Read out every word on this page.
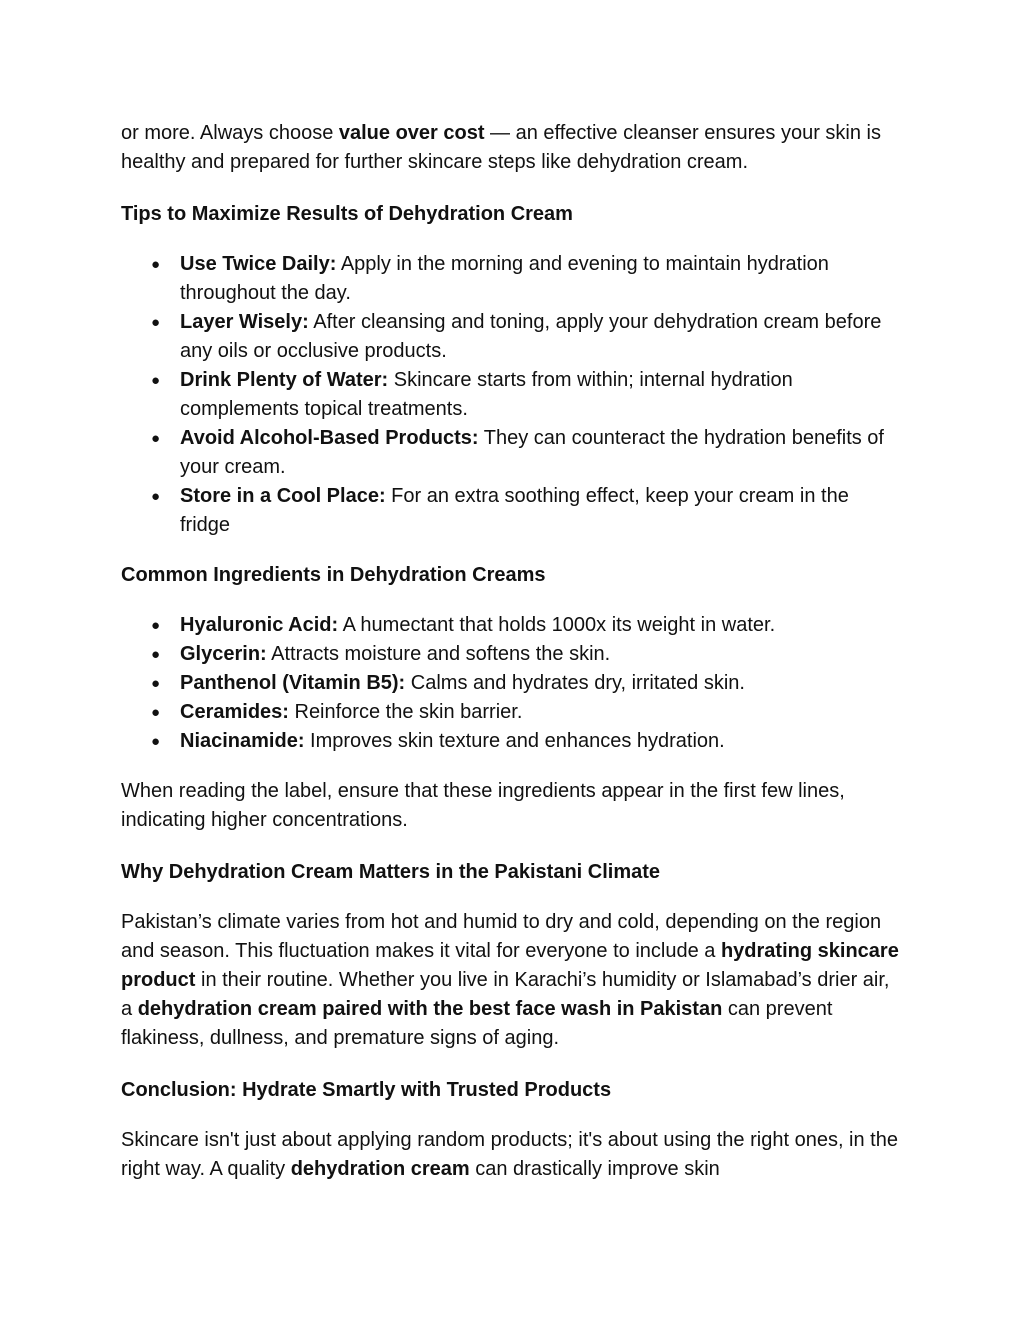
or more. Always choose value over cost — an effective cleanser ensures your skin is healthy and prepared for further skincare steps like dehydration cream.

Tips to Maximize Results of Dehydration Cream
● Use Twice Daily: Apply in the morning and evening to maintain hydration throughout the day.
● Layer Wisely: After cleansing and toning, apply your dehydration cream before any oils or occlusive products.
● Drink Plenty of Water: Skincare starts from within; internal hydration complements topical treatments.
● Avoid Alcohol-Based Products: They can counteract the hydration benefits of your cream.
● Store in a Cool Place: For an extra soothing effect, keep your cream in the fridge
Common Ingredients in Dehydration Creams
● Hyaluronic Acid: A humectant that holds 1000x its weight in water.
● Glycerin: Attracts moisture and softens the skin.
● Panthenol (Vitamin B5): Calms and hydrates dry, irritated skin.
● Ceramides: Reinforce the skin barrier.
● Niacinamide: Improves skin texture and enhances hydration.

When reading the label, ensure that these ingredients appear in the first few lines, indicating higher concentrations.

Why Dehydration Cream Matters in the Pakistani Climate

Pakistan’s climate varies from hot and humid to dry and cold, depending on the region and season. This fluctuation makes it vital for everyone to include a hydrating skincare product in their routine. Whether you live in Karachi’s humidity or Islamabad’s drier air, a dehydration cream paired with the best face wash in Pakistan can prevent flakiness, dullness, and premature signs of aging.

Conclusion: Hydrate Smartly with Trusted Products

Skincare isn't just about applying random products; it's about using the right ones, in the right way. A quality dehydration cream can drastically improve skin
